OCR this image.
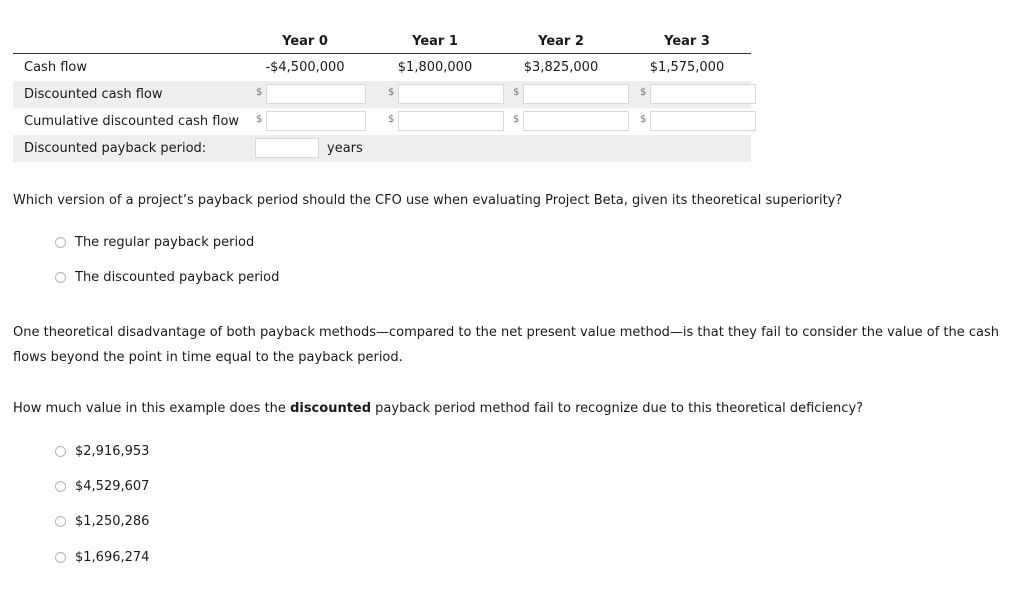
Year 0	Year 1	Year 2	Year 3
Cash flow	-$4,500,000	$1,800,000	$3,825,000	$1,575,000
Discounted cash flow	$	$	$	$
Cumulative discounted cash flow $	$	$	$
Discounted payback period:	years
Which version of a project’s payback period should the CFO use when evaluating Project Beta, given its theoretical superiority?
The regular payback period
The discounted payback period
One theoretical disadvantage of both payback methods—compared to the net present value method—is that they fail to consider the value of the cash
flows beyond the point in time equal to the payback period.
How much value in this example does the discounted payback period method fail to recognize due to this theoretical deficiency?
$2,916,953
$4,529,607
$1,250,286
$1,696,274
